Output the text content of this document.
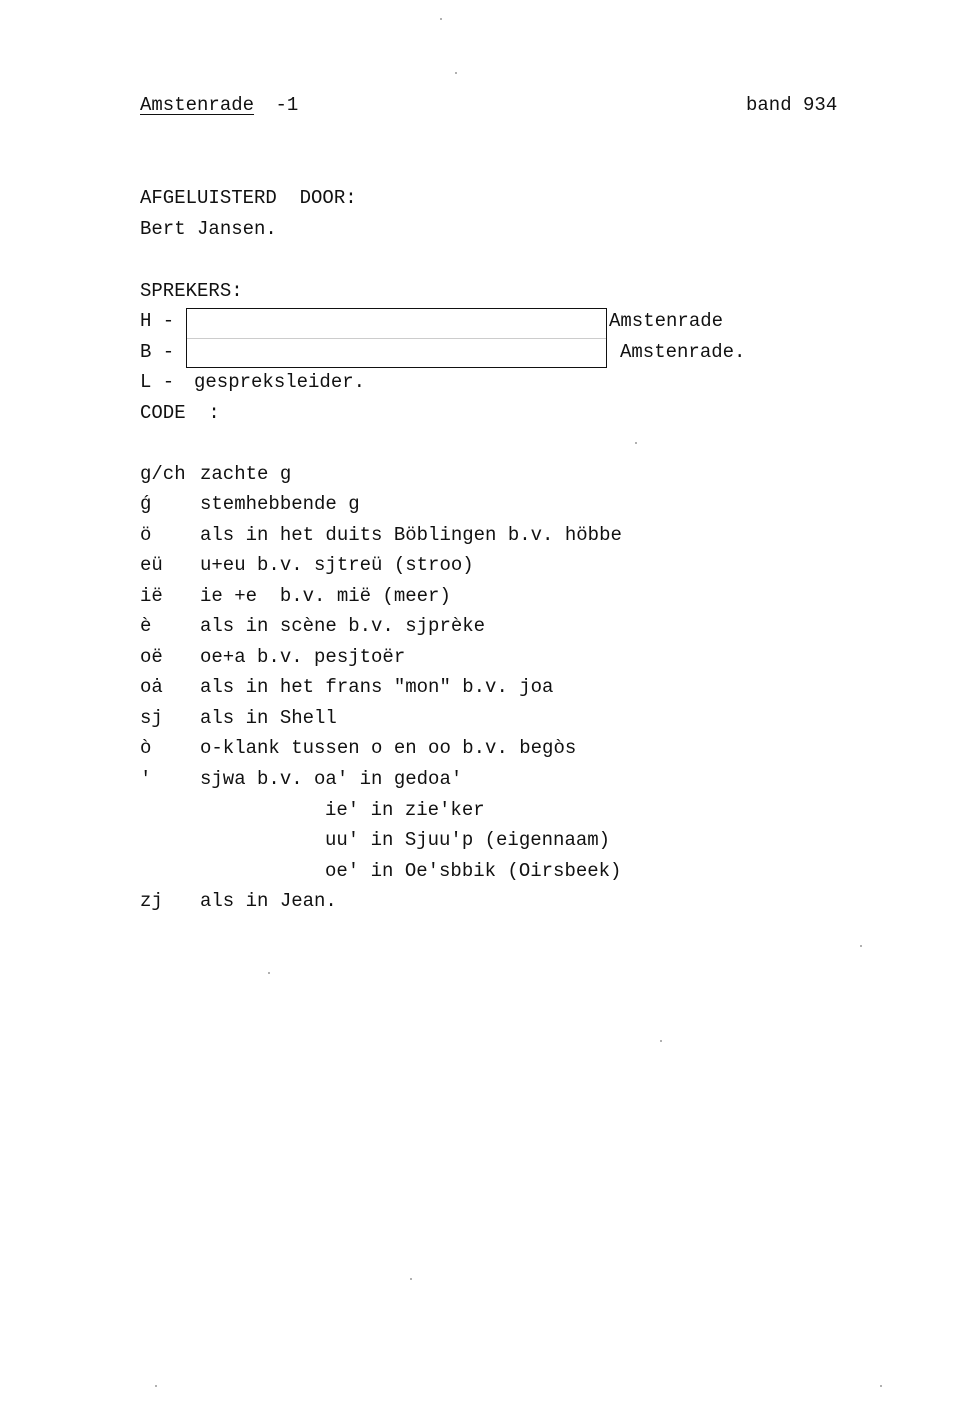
Amstenrade -1	band 934
AFGELUISTERD  DOOR:
Bert Jansen.
SPREKERS:
H -	Amstenrade
B -	Amstenrade.
L - gespreksleider.
CODE  :
g/ch zachte g
ǵ	stemhebbende g
ö	als in het duits Böblingen b.v. höbbe
eü u+eu b.v. sjtreü (stroo)
ië ie +e  b.v. mië (meer)
è	als in scène b.v. sjprèke
oë oe+a b.v. pesjtoër
oȧ als in het frans "mon" b.v. joa
sj als in Shell
ò	o-klank tussen o en oo b.v. begòs
'	sjwa b.v. oa' in gedoa'
ie' in zie'ker
uu' in Sjuu'p (eigennaam)
oe' in Oe'sbbik (Oirsbeek)
zj als in Jean.
